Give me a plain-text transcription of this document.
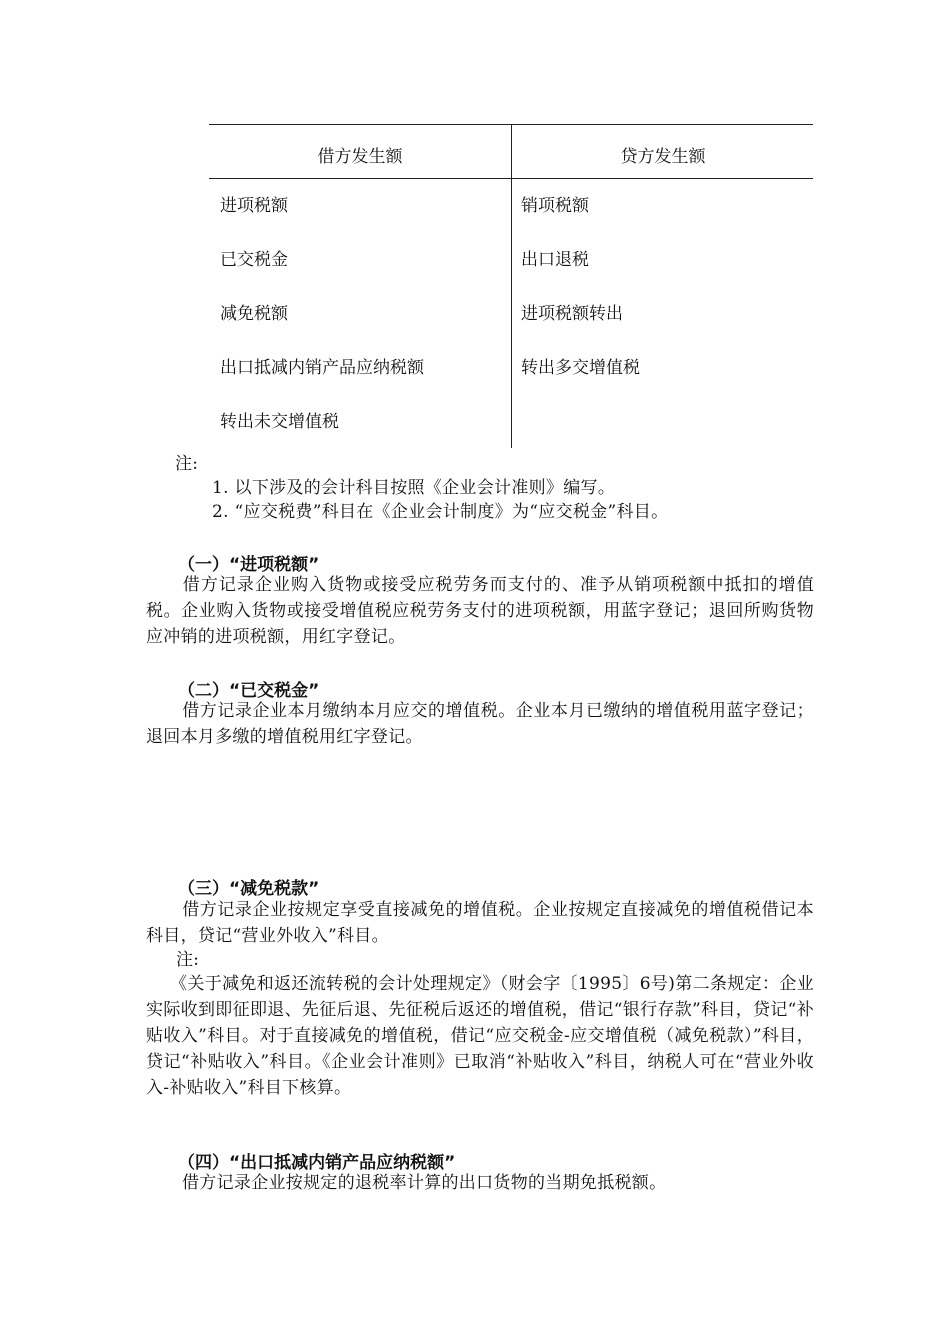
借方发生额	贷方发生额
进项税额
已交税金
减免税额
出口抵减内销产品应纳税额
转出未交增值税
销项税额
出口退税
进项税额转出
转出多交增值税
注:
1. 以下涉及的会计科目按照《企业会计准则》编写。
2. “应交税费”科目在《企业会计制度》为“应交税金”科目。
（一）“进项税额”
借方记录企业购入货物或接受应税劳务而支付的、准予从销项税额中抵扣的增值税。企业购入货物或接受增值税应税劳务支付的进项税额，用蓝字登记；退回所购货物应冲销的进项税额，用红字登记。
（二）“已交税金”
借方记录企业本月缴纳本月应交的增值税。企业本月已缴纳的增值税用蓝字登记；退回本月多缴的增值税用红字登记。
（三）“减免税款”
借方记录企业按规定享受直接减免的增值税。企业按规定直接减免的增值税借记本科目，贷记“营业外收入”科目。
注:
《关于减免和返还流转税的会计处理规定》（财会字〔1995〕6号)第二条规定：企业实际收到即征即退、先征后退、先征税后返还的增值税，借记“银行存款”科目，贷记“补贴收入”科目。对于直接减免的增值税，借记“应交税金-应交增值税（减免税款）”科目，贷记“补贴收入”科目。《企业会计准则》已取消“补贴收入”科目，纳税人可在“营业外收入-补贴收入”科目下核算。
（四）“出口抵减内销产品应纳税额”
借方记录企业按规定的退税率计算的出口货物的当期免抵税额。
